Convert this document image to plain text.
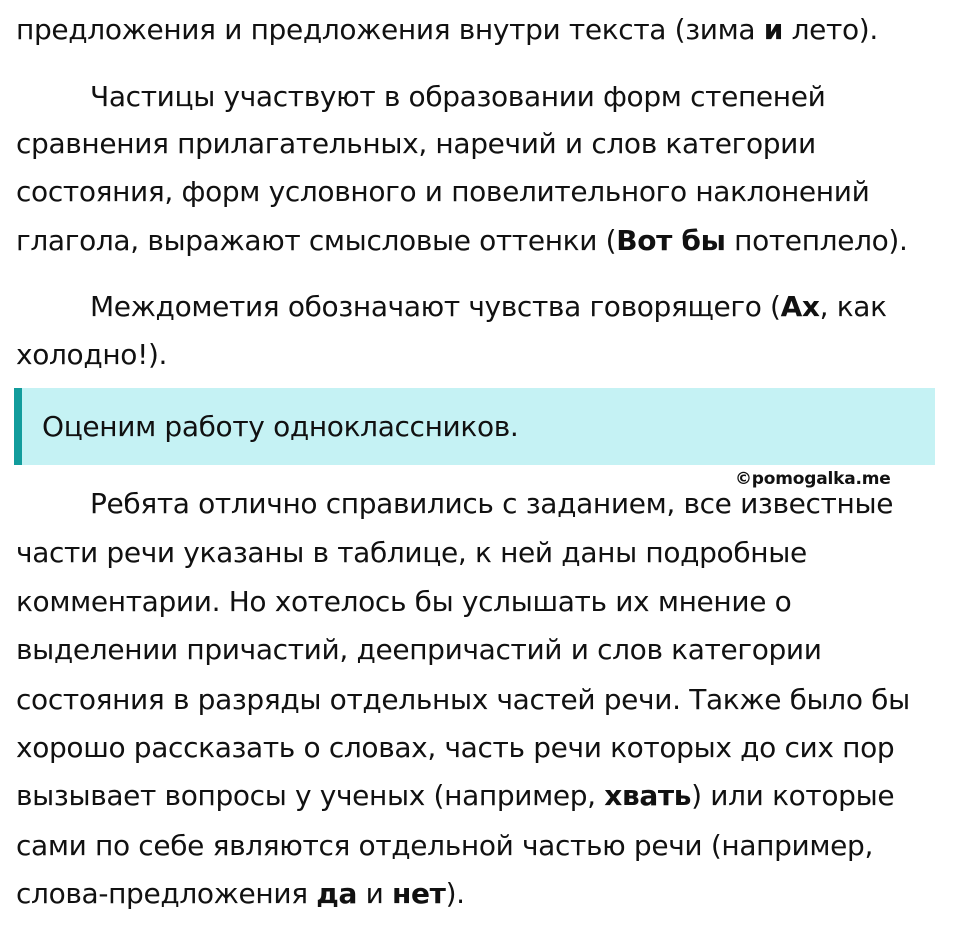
предложения и предложения внутри текста (зима и лето).
Частицы участвуют в образовании форм степеней
сравнения прилагательных, наречий и слов категории
состояния, форм условного и повелительного наклонений
глагола, выражают смысловые оттенки (Вот бы потеплело).
Междометия обозначают чувства говорящего (Ах, как
холодно!).
Оценим работу одноклассников.
©pomogalka.me
Ребята отлично справились с заданием, все известные
части речи указаны в таблице, к ней даны подробные
комментарии. Но хотелось бы услышать их мнение о
выделении причастий, деепричастий и слов категории
состояния в разряды отдельных частей речи. Также было бы
хорошо рассказать о словах, часть речи которых до сих пор
вызывает вопросы у ученых (например, хвать) или которые
сами по себе являются отдельной частью речи (например,
слова-предложения да и нет).
